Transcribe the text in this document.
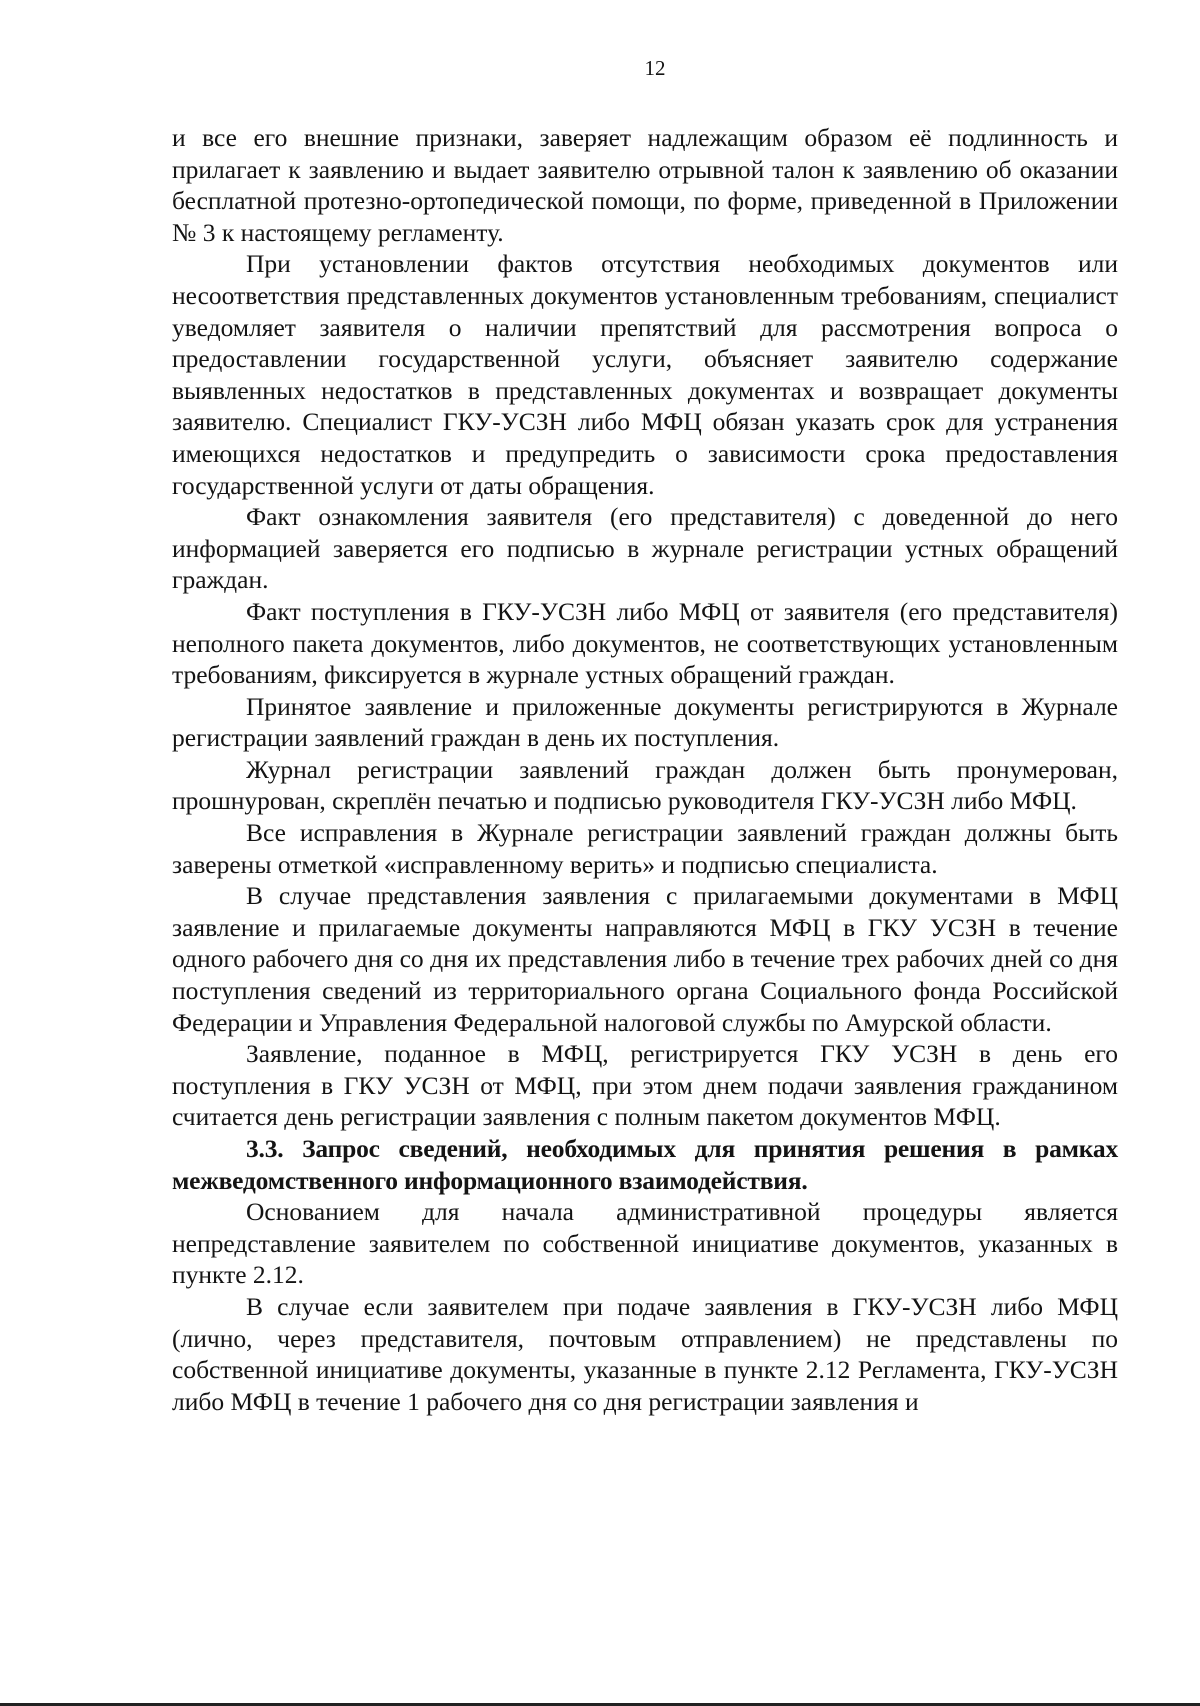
12

и все его внешние признаки, заверяет надлежащим образом её подлинность и прилагает к заявлению и выдает заявителю отрывной талон к заявлению об оказании бесплатной протезно-ортопедической помощи, по форме, приведенной в Приложении № 3 к настоящему регламенту.

При установлении фактов отсутствия необходимых документов или несоответствия представленных документов установленным требованиям, специалист уведомляет заявителя о наличии препятствий для рассмотрения вопроса о предоставлении государственной услуги, объясняет заявителю содержание выявленных недостатков в представленных документах и возвращает документы заявителю. Специалист ГКУ-УСЗН либо МФЦ обязан указать срок для устранения имеющихся недостатков и предупредить о зависимости срока предоставления государственной услуги от даты обращения.

Факт ознакомления заявителя (его представителя) с доведенной до него информацией заверяется его подписью в журнале регистрации устных обращений граждан.

Факт поступления в ГКУ-УСЗН либо МФЦ от заявителя (его представителя) неполного пакета документов, либо документов, не соответствующих установленным требованиям, фиксируется в журнале устных обращений граждан.

Принятое заявление и приложенные документы регистрируются в Журнале регистрации заявлений граждан в день их поступления.

Журнал регистрации заявлений граждан должен быть пронумерован, прошнурован, скреплён печатью и подписью руководителя ГКУ-УСЗН либо МФЦ.

Все исправления в Журнале регистрации заявлений граждан должны быть заверены отметкой «исправленному верить» и подписью специалиста.

В случае представления заявления с прилагаемыми документами в МФЦ заявление и прилагаемые документы направляются МФЦ в ГКУ УСЗН в течение одного рабочего дня со дня их представления либо в течение трех рабочих дней со дня поступления сведений из территориального органа Социального фонда Российской Федерации и Управления Федеральной налоговой службы по Амурской области.

Заявление, поданное в МФЦ, регистрируется ГКУ УСЗН в день его поступления в ГКУ УСЗН от МФЦ, при этом днем подачи заявления гражданином считается день регистрации заявления с полным пакетом документов МФЦ.

3.3. Запрос сведений, необходимых для принятия решения в рамках межведомственного информационного взаимодействия.

Основанием для начала административной процедуры является непредставление заявителем по собственной инициативе документов, указанных в пункте 2.12.

В случае если заявителем при подаче заявления в ГКУ-УСЗН либо МФЦ (лично, через представителя, почтовым отправлением) не представлены по собственной инициативе документы, указанные в пункте 2.12 Регламента, ГКУ-УСЗН либо МФЦ в течение 1 рабочего дня со дня регистрации заявления и
